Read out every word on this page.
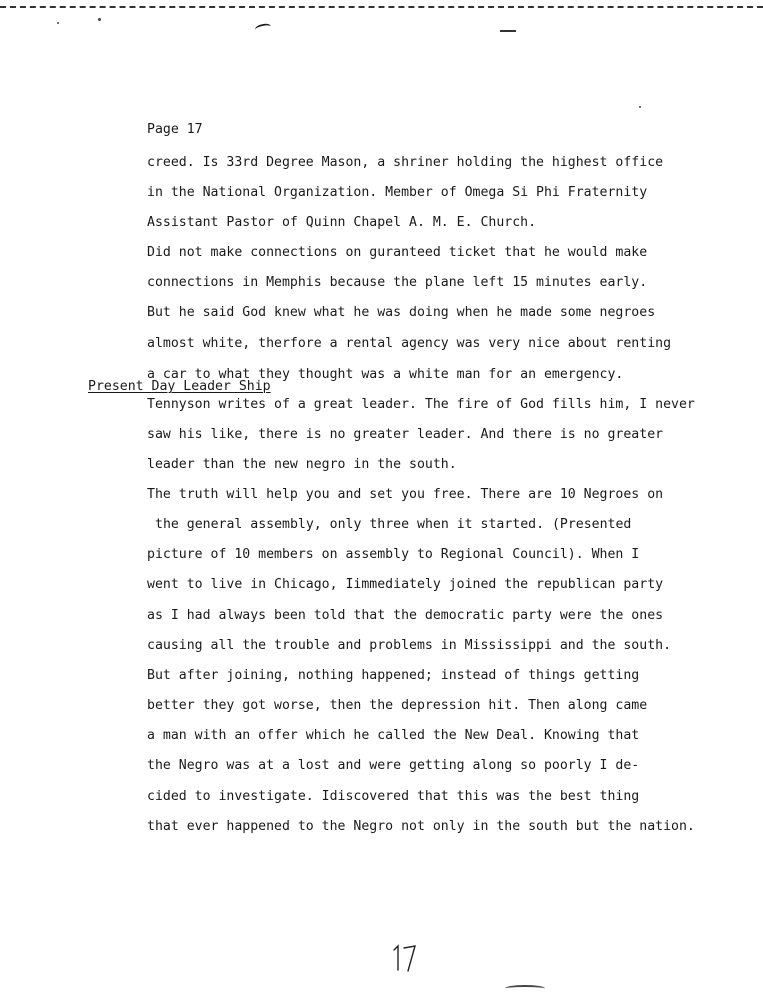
Page 17
creed. Is 33rd Degree Mason, a shriner holding the highest office
in the National Organization. Member of Omega Si Phi Fraternity
Assistant Pastor of Quinn Chapel A. M. E. Church.
Did not make connections on guranteed ticket that he would make
connections in Memphis because the plane left 15 minutes early.
But he said God knew what he was doing when he made some negroes
almost white, therfore a rental agency was very nice about renting
a car to what they thought was a white man for an emergency.
Present Day Leader Ship
Tennyson writes of a great leader. The fire of God fills him, I never
saw his like, there is no greater leader. And there is no greater
leader than the new negro in the south.
The truth will help you and set you free. There are 10 Negroes on
the general assembly, only three when it started. (Presented
picture of 10 members on assembly to Regional Council). When I
went to live in Chicago, Iimmediately joined the republican party
as I had always been told that the democratic party were the ones
causing all the trouble and problems in Mississippi and the south.
But after joining, nothing happened; instead of things getting
better they got worse, then the depression hit. Then along came
a man with an offer which he called the New Deal. Knowing that
the Negro was at a lost and were getting along so poorly I de-
cided to investigate. Idiscovered that this was the best thing
that ever happened to the Negro not only in the south but the nation.
